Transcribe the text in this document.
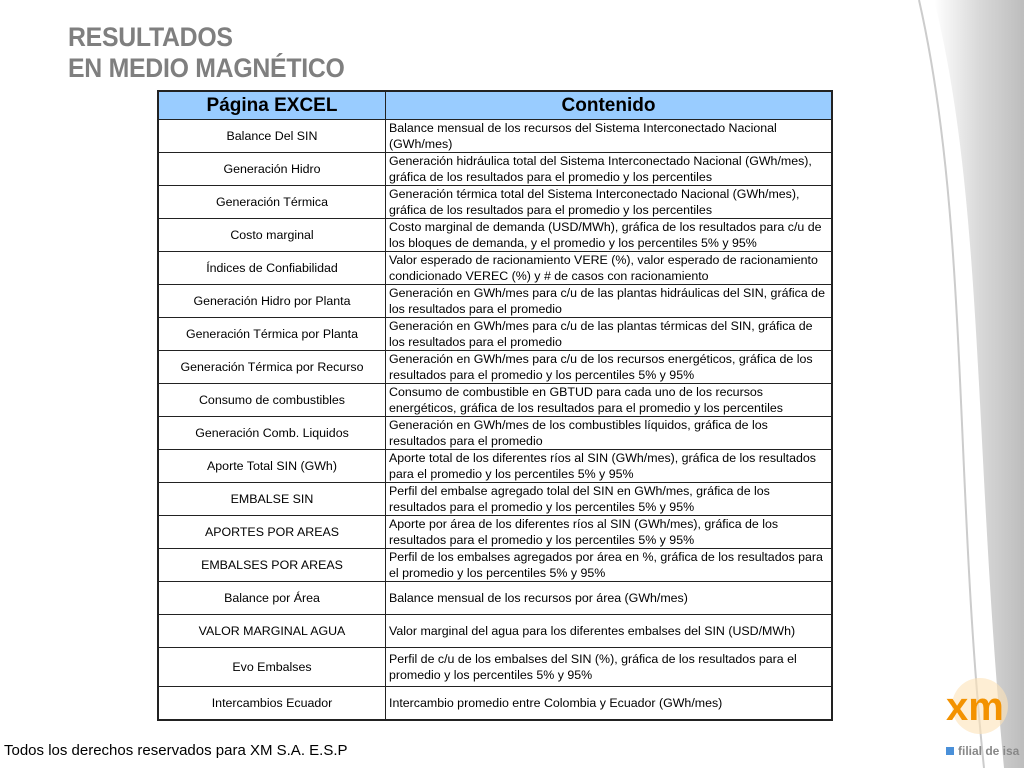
RESULTADOS
EN MEDIO MAGNÉTICO
Página EXCEL	Contenido
Balance Del SIN	Balance mensual de los recursos del Sistema Interconectado Nacional (GWh/mes)
Generación Hidro	Generación hidráulica total del Sistema Interconectado Nacional (GWh/mes), gráfica de los resultados para el promedio y los percentiles
Generación Térmica	Generación térmica total del Sistema Interconectado Nacional (GWh/mes), gráfica de los resultados para el promedio y los percentiles
Costo marginal	Costo marginal de demanda (USD/MWh), gráfica de los resultados para c/u de los bloques de demanda, y el promedio y los percentiles 5% y 95%
Índices de Confiabilidad	Valor esperado de racionamiento VERE (%), valor esperado de racionamiento condicionado VEREC (%) y # de casos con racionamiento
Generación Hidro por Planta	Generación en GWh/mes para c/u de las plantas hidráulicas del SIN, gráfica de los resultados para el promedio
Generación Térmica por Planta	Generación en GWh/mes para c/u de las plantas térmicas del SIN, gráfica de los resultados para el promedio
Generación Térmica por Recurso	Generación en GWh/mes para c/u de los recursos energéticos, gráfica de los resultados para el promedio y los percentiles 5% y 95%
Consumo de combustibles	Consumo de combustible en GBTUD para cada uno de los recursos energéticos, gráfica de los resultados para el promedio y los percentiles
Generación Comb. Liquidos	Generación en GWh/mes de los combustibles líquidos, gráfica de los resultados para el promedio
Aporte Total SIN (GWh)	Aporte total de los diferentes ríos al SIN (GWh/mes), gráfica de los resultados para el promedio y los percentiles 5% y 95%
EMBALSE SIN	Perfil del embalse agregado tolal del SIN en GWh/mes, gráfica de los resultados para el promedio y los percentiles 5% y 95%
APORTES POR AREAS	Aporte por área de los diferentes ríos al SIN (GWh/mes), gráfica de los resultados para el promedio y los percentiles 5% y 95%
EMBALSES POR AREAS	Perfil de los embalses agregados por área en %, gráfica de los resultados para el promedio y los percentiles 5% y 95%
Balance por Área	Balance mensual de los recursos por área (GWh/mes)
VALOR MARGINAL AGUA	Valor marginal del agua para los diferentes embalses del SIN (USD/MWh)
Evo Embalses	Perfil de c/u de los embalses del SIN (%), gráfica de los resultados para el promedio y los percentiles 5% y 95%
Intercambios Ecuador	Intercambio promedio entre Colombia y Ecuador (GWh/mes)
Todos los derechos reservados para XM S.A. E.S.P
xm
filial de isa
